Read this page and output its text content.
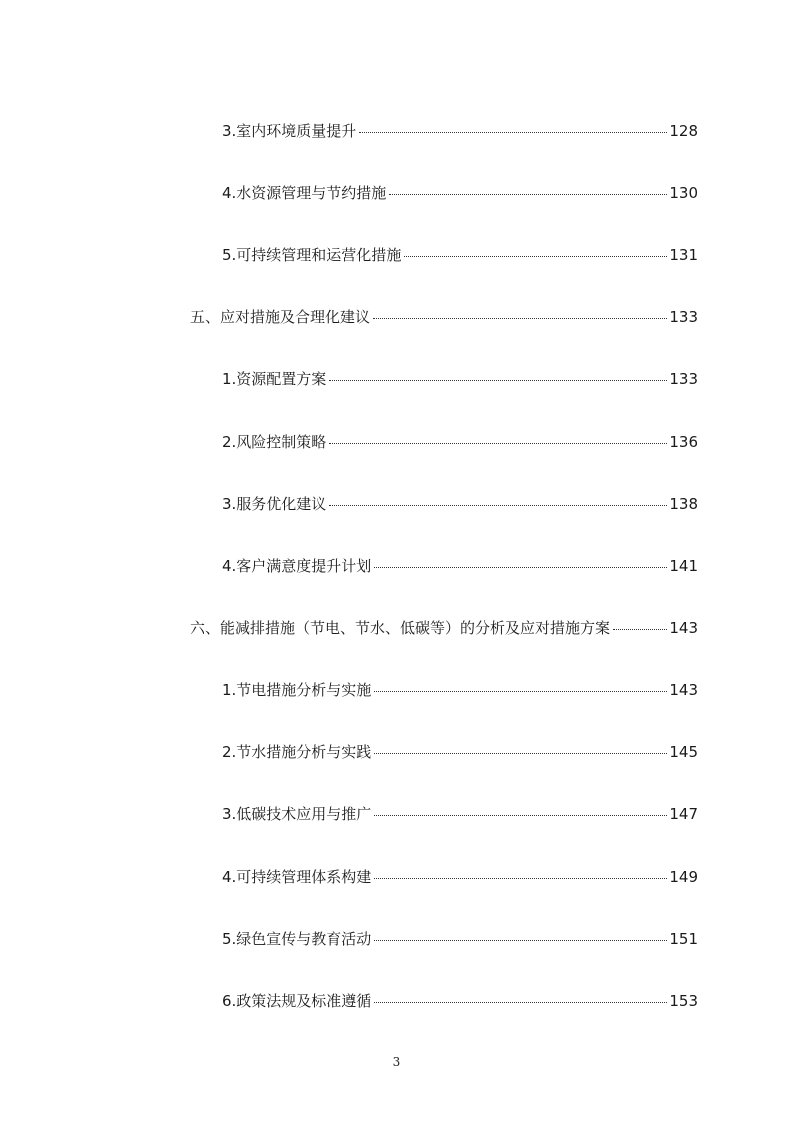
3.室内环境质量提升	128
4.水资源管理与节约措施	130
5.可持续管理和运营化措施	131
五、应对措施及合理化建议	133
1.资源配置方案	133
2.风险控制策略	136
3.服务优化建议	138
4.客户满意度提升计划	141
六、能减排措施（节电、节水、低碳等）的分析及应对措施方案	143
1.节电措施分析与实施	143
2.节水措施分析与实践	145
3.低碳技术应用与推广	147
4.可持续管理体系构建	149
5.绿色宣传与教育活动	151
6.政策法规及标准遵循	153
3
